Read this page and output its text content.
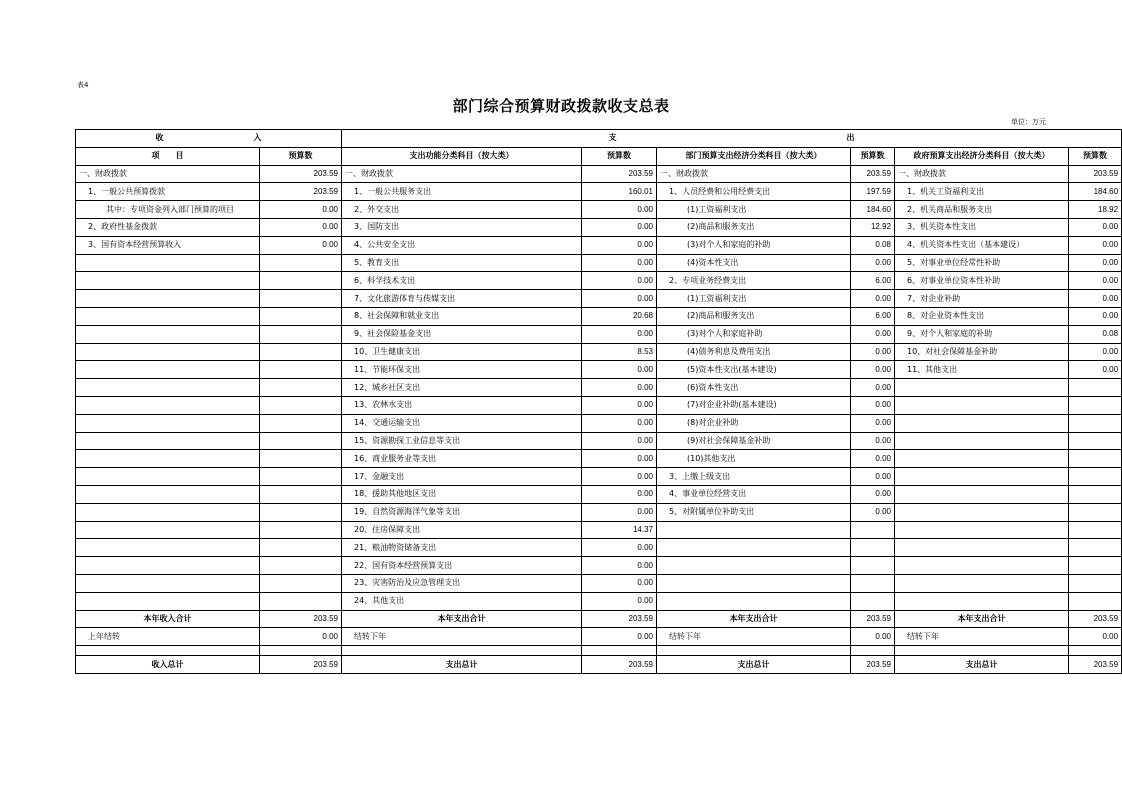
表4
部门综合预算财政拨款收支总表
单位：万元
收 入		支 出					
项　　目	预算数	支出功能分类科目（按大类）	预算数	部门预算支出经济分类科目（按大类）	预算数	政府预算支出经济分类科目（按大类）	预算数
一、财政拨款	203.59	一、财政拨款	203.59	一、财政拨款	203.59	一、财政拨款	203.59
1、一般公共预算拨款	203.59	1、一般公共服务支出	160.01	1、人员经费和公用经费支出	197.59	1、机关工资福利支出	184.60
其中：专项资金列入部门预算的项目	0.00	2、外交支出	0.00	(1)工资福利支出	184.60	2、机关商品和服务支出	18.92
2、政府性基金拨款	0.00	3、国防支出	0.00	(2)商品和服务支出	12.92	3、机关资本性支出	0.00
3、国有资本经营预算收入	0.00	4、公共安全支出	0.00	(3)对个人和家庭的补助	0.08	4、机关资本性支出（基本建设）	0.00
		5、教育支出	0.00	(4)资本性支出	0.00	5、对事业单位经常性补助	0.00
		6、科学技术支出	0.00	2、专项业务经费支出	6.00	6、对事业单位资本性补助	0.00
		7、文化旅游体育与传媒支出	0.00	(1)工资福利支出	0.00	7、对企业补助	0.00
		8、社会保障和就业支出	20.68	(2)商品和服务支出	6.00	8、对企业资本性支出	0.00
		9、社会保险基金支出	0.00	(3)对个人和家庭补助	0.00	9、对个人和家庭的补助	0.08
		10、卫生健康支出	8.53	(4)债务利息及费用支出	0.00	10、对社会保障基金补助	0.00
		11、节能环保支出	0.00	(5)资本性支出(基本建设)	0.00	11、其他支出	0.00
		12、城乡社区支出	0.00	(6)资本性支出	0.00		
		13、农林水支出	0.00	(7)对企业补助(基本建设)	0.00		
		14、交通运输支出	0.00	(8)对企业补助	0.00		
		15、资源勘探工业信息等支出	0.00	(9)对社会保障基金补助	0.00		
		16、商业服务业等支出	0.00	(10)其他支出	0.00		
		17、金融支出	0.00	3、上缴上级支出	0.00		
		18、援助其他地区支出	0.00	4、事业单位经营支出	0.00		
		19、自然资源海洋气象等支出	0.00	5、对附属单位补助支出	0.00		
		20、住房保障支出	14.37				
		21、粮油物资储备支出	0.00				
		22、国有资本经营预算支出	0.00				
		23、灾害防治及应急管理支出	0.00				
		24、其他支出	0.00				
本年收入合计	203.59	本年支出合计	203.59	本年支出合计	203.59	本年支出合计	203.59
上年结转	0.00	结转下年	0.00	结转下年	0.00	结转下年	0.00

收入总计	203.59	支出总计	203.59	支出总计	203.59	支出总计	203.59
